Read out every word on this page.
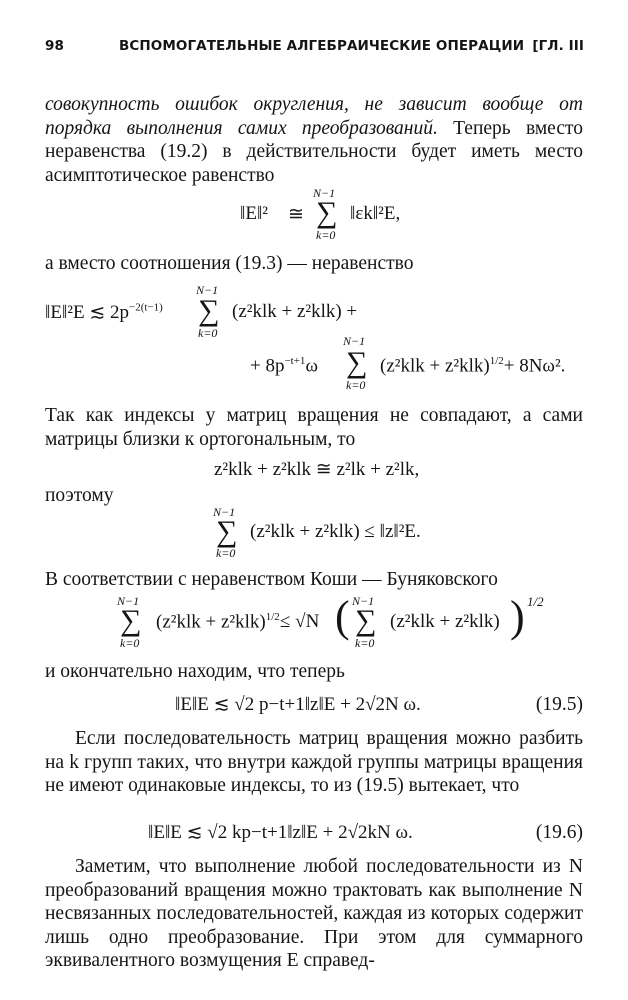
98	ВСПОМОГАТЕЛЬНЫЕ АЛГЕБРАИЧЕСКИЕ ОПЕРАЦИИ [ГЛ. III

совокупность ошибок округления, не зависит вообще от порядка выполнения самих преобразований. Теперь вместо неравенства (19.2) в действительности будет иметь место асимптотическое равенство

N−1
∑
k=0
‖E‖² ≅ ‖εk‖²E,

а вместо соотношения (19.3) — неравенство

‖E‖²E ≲ $2p^{-2(t-1)}$
N−1
∑
k=0
(z²klk + z²klk) +
+ $8p^{-t+1}\omega$
N−1
∑
k=0
$(z^2klk + z^2klk)^{1/2}+ 8N\omega^2$.

Так как индексы у матриц вращения не совпадают, а сами матрицы близки к ортогональным, то

z²klk + z²klk ≅ z²lk + z²lk,

поэтому

N−1
∑
k=0
(z²klk + z²klk) ≤ ‖z‖²E.

В соответствии с неравенством Коши — Буняковского

N−1
∑
k=0
$(z^2klk + z^2klk)^{1/2} \le √N$ ( N−1
∑
k=0
(z²klk + z²klk) ) 1/2

и окончательно находим, что теперь

‖E‖E ≲ √2 p−t+1‖z‖E + 2√2N ω.	(19.5)

Если последовательность матриц вращения можно разбить на k групп таких, что внутри каждой группы матрицы вращения не имеют одинаковые индексы, то из (19.5) вытекает, что

‖E‖E ≲ √2 kp−t+1‖z‖E + 2√2kN ω.	(19.6)

Заметим, что выполнение любой последовательности из N преобразований вращения можно трактовать как выполнение N несвязанных последовательностей, каждая из которых содержит лишь одно преобразование. При этом для суммарного эквивалентного возмущения E справед-
